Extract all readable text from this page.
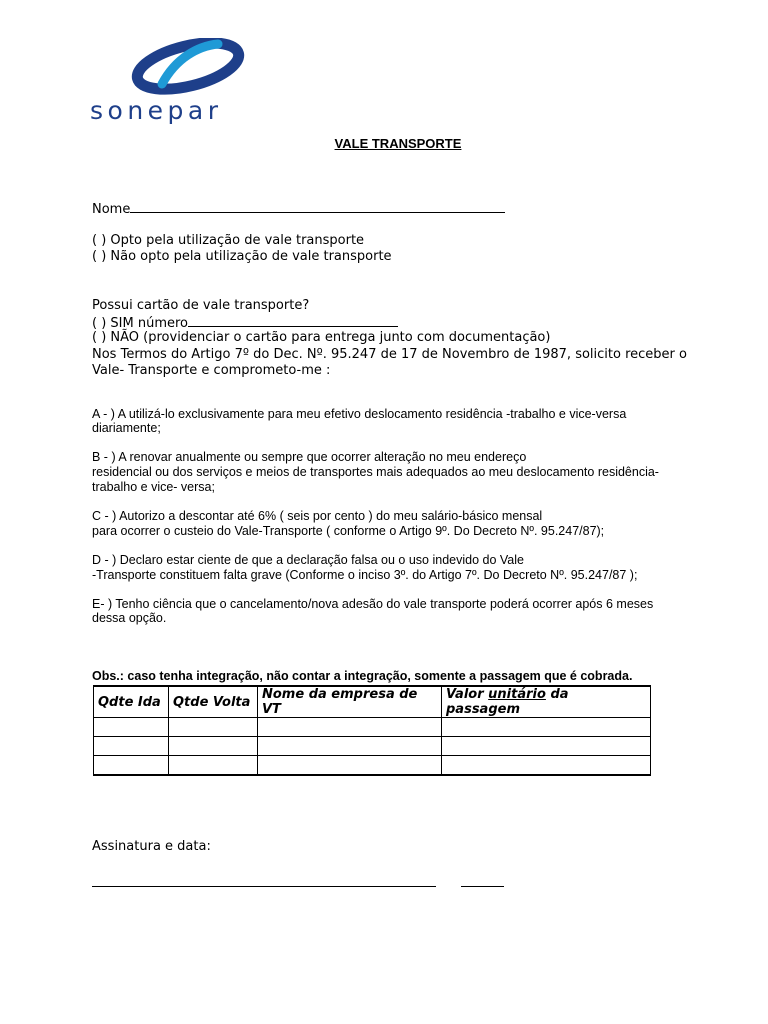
sonepar
VALE TRANSPORTE
Nome
( ) Opto pela utilização de vale transporte
( ) Não opto pela utilização de vale transporte
Possui cartão de vale transporte?
( ) SIM número
( ) NÃO (providenciar o cartão para entrega junto com documentação)
Nos Termos do Artigo 7º do Dec. Nº. 95.247 de 17 de Novembro de 1987, solicito receber o
Vale- Transporte e comprometo-me :
A - ) A utilizá-lo exclusivamente para meu efetivo deslocamento residência -trabalho e vice-versa
diariamente;
B - ) A renovar anualmente ou sempre que ocorrer alteração no meu endereço
residencial ou dos serviços e meios de transportes mais adequados ao meu deslocamento residência-
trabalho e vice- versa;
C - ) Autorizo a descontar até 6% ( seis por cento ) do meu salário-básico mensal
para ocorrer o custeio do Vale-Transporte ( conforme o Artigo 9º. Do Decreto Nº. 95.247/87);
D - ) Declaro estar ciente de que a declaração falsa ou o uso indevido do Vale
-Transporte constituem falta grave (Conforme o inciso 3º. do Artigo 7º. Do Decreto Nº. 95.247/87 );
E- ) Tenho ciência que o cancelamento/nova adesão do vale transporte poderá ocorrer após 6 meses
dessa opção.
Obs.: caso tenha integração, não contar a integração, somente a passagem que é cobrada.
Qdte Ida	Qtde Volta	Nome da empresa de VT	Valor unitário da passagem

Assinatura e data:
